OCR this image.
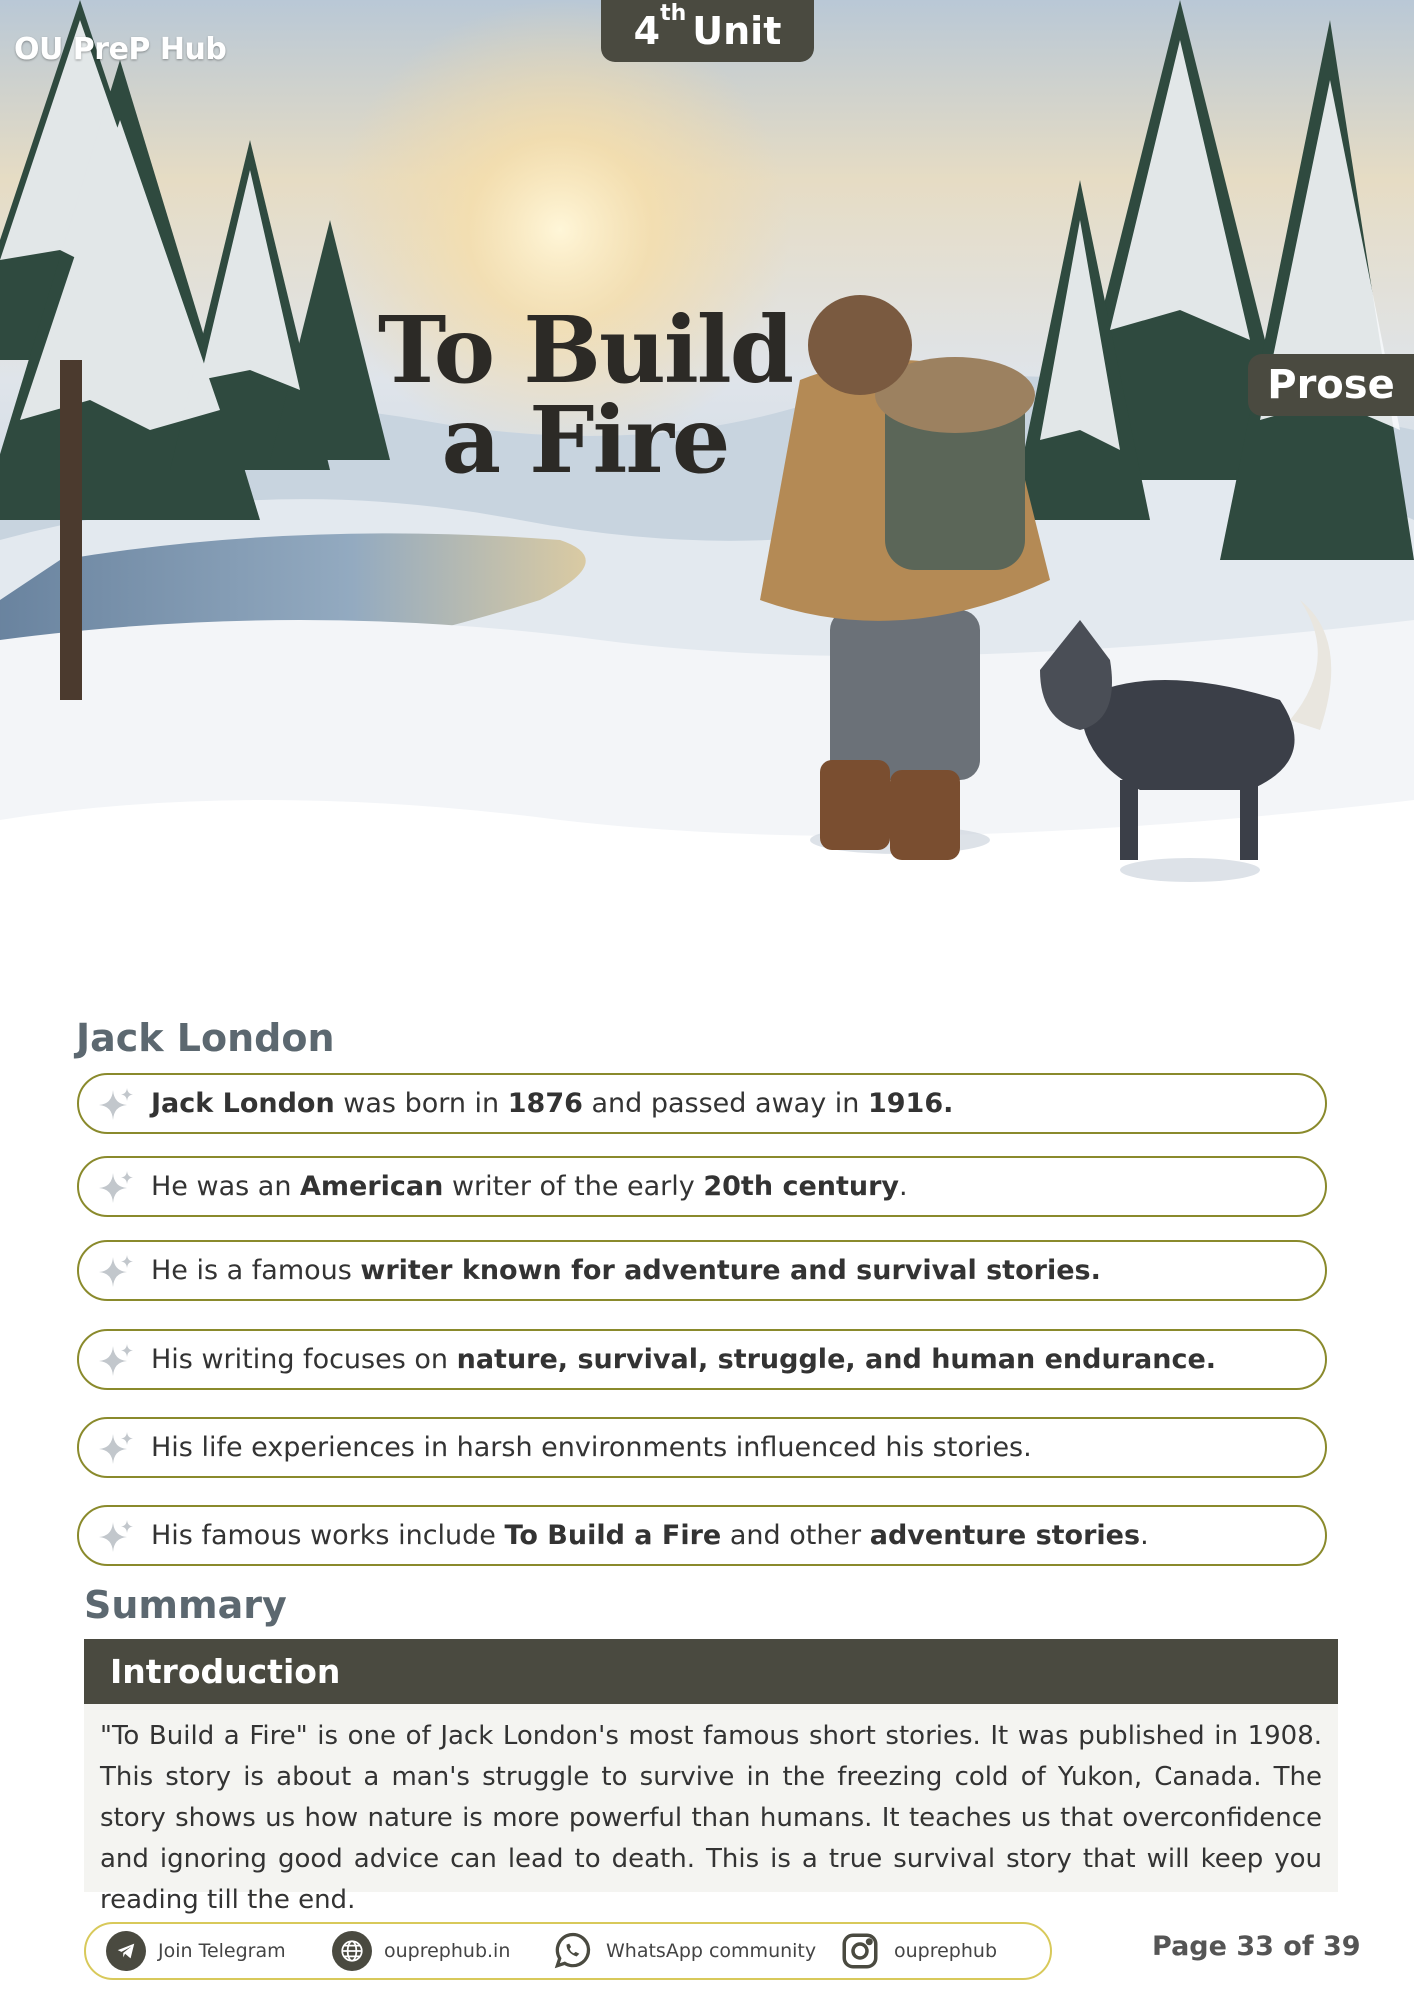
OU PreP Hub	4th Unit
Prose
To Build
a Fire
Jack London
Jack London was born in 1876 and passed away in 1916.
He was an American writer of the early 20th century.
He is a famous writer known for adventure and survival stories.
His writing focuses on nature, survival, struggle, and human endurance.
His life experiences in harsh environments influenced his stories.
His famous works include To Build a Fire and other adventure stories.
Summary
Introduction
"To Build a Fire" is one of Jack London's most famous short stories. It was published in 1908. This story is about a man's struggle to survive in the freezing cold of Yukon, Canada. The story shows us how nature is more powerful than humans. It teaches us that overconfidence and ignoring good advice can lead to death. This is a true survival story that will keep you reading till the end.
Join Telegram	ouprephub.in	WhatsApp community	ouprephub	Page 33 of 39
